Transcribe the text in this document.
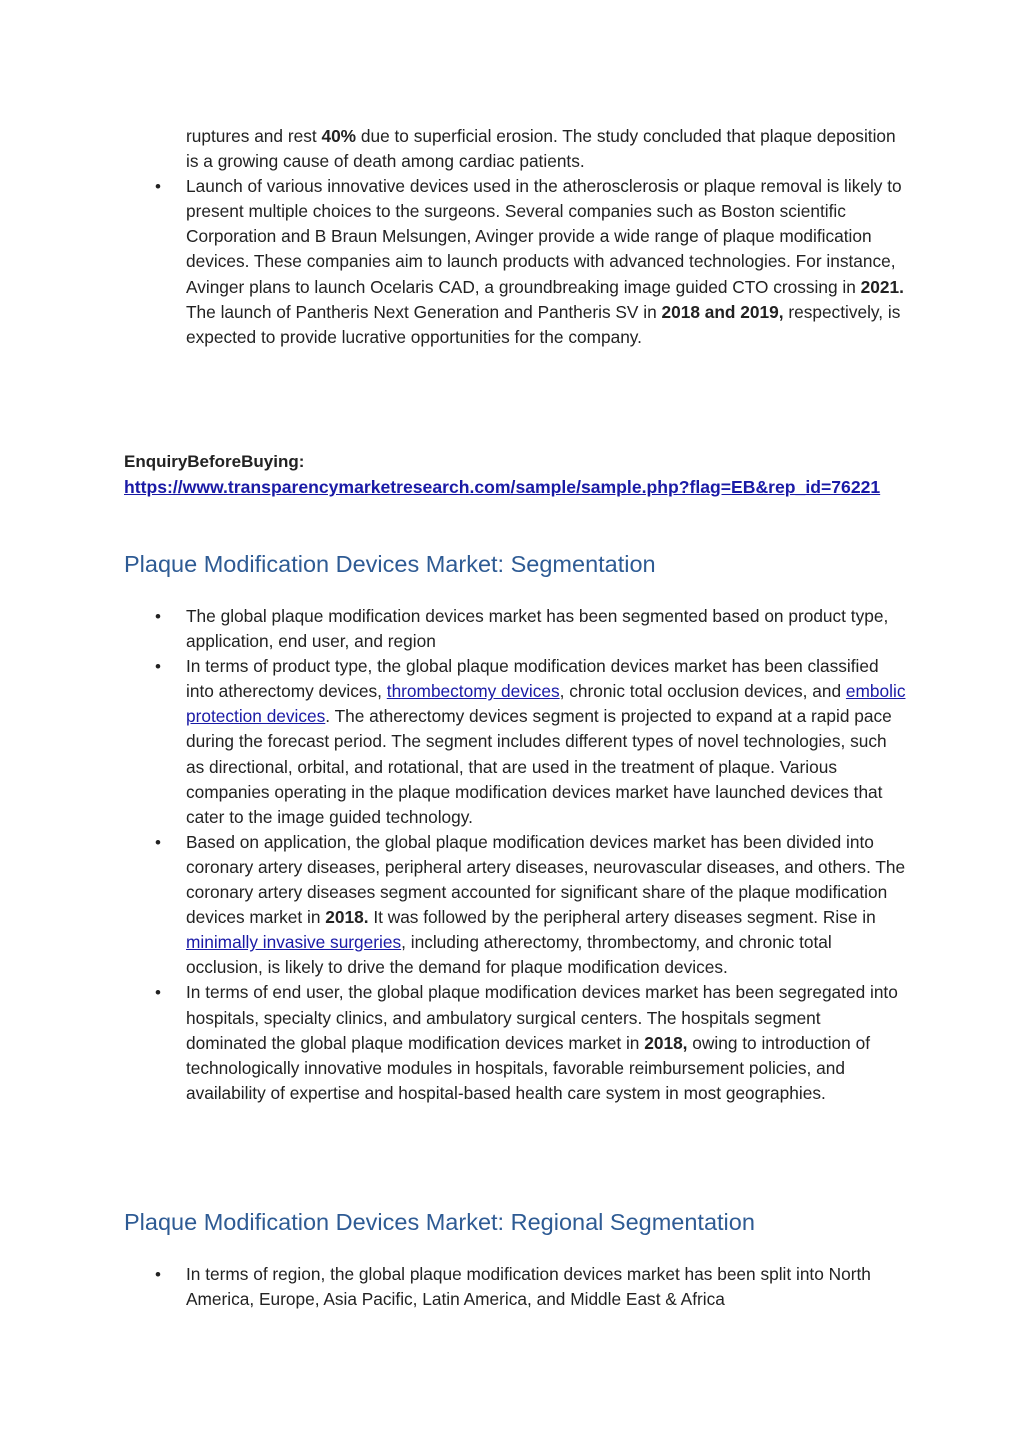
ruptures and rest 40% due to superficial erosion. The study concluded that plaque deposition is a growing cause of death among cardiac patients.
• Launch of various innovative devices used in the atherosclerosis or plaque removal is likely to present multiple choices to the surgeons. Several companies such as Boston scientific Corporation and B Braun Melsungen, Avinger provide a wide range of plaque modification devices. These companies aim to launch products with advanced technologies. For instance, Avinger plans to launch Ocelaris CAD, a groundbreaking image guided CTO crossing in 2021. The launch of Pantheris Next Generation and Pantheris SV in 2018 and 2019, respectively, is expected to provide lucrative opportunities for the company.
EnquiryBeforeBuying:
https://www.transparencymarketresearch.com/sample/sample.php?flag=EB&rep_id=76221
Plaque Modification Devices Market: Segmentation
• The global plaque modification devices market has been segmented based on product type, application, end user, and region
• In terms of product type, the global plaque modification devices market has been classified into atherectomy devices, thrombectomy devices, chronic total occlusion devices, and embolic protection devices. The atherectomy devices segment is projected to expand at a rapid pace during the forecast period. The segment includes different types of novel technologies, such as directional, orbital, and rotational, that are used in the treatment of plaque. Various companies operating in the plaque modification devices market have launched devices that cater to the image guided technology.
• Based on application, the global plaque modification devices market has been divided into coronary artery diseases, peripheral artery diseases, neurovascular diseases, and others. The coronary artery diseases segment accounted for significant share of the plaque modification devices market in 2018. It was followed by the peripheral artery diseases segment. Rise in minimally invasive surgeries, including atherectomy, thrombectomy, and chronic total occlusion, is likely to drive the demand for plaque modification devices.
• In terms of end user, the global plaque modification devices market has been segregated into hospitals, specialty clinics, and ambulatory surgical centers. The hospitals segment dominated the global plaque modification devices market in 2018, owing to introduction of technologically innovative modules in hospitals, favorable reimbursement policies, and availability of expertise and hospital-based health care system in most geographies.
Plaque Modification Devices Market: Regional Segmentation
• In terms of region, the global plaque modification devices market has been split into North America, Europe, Asia Pacific, Latin America, and Middle East & Africa
